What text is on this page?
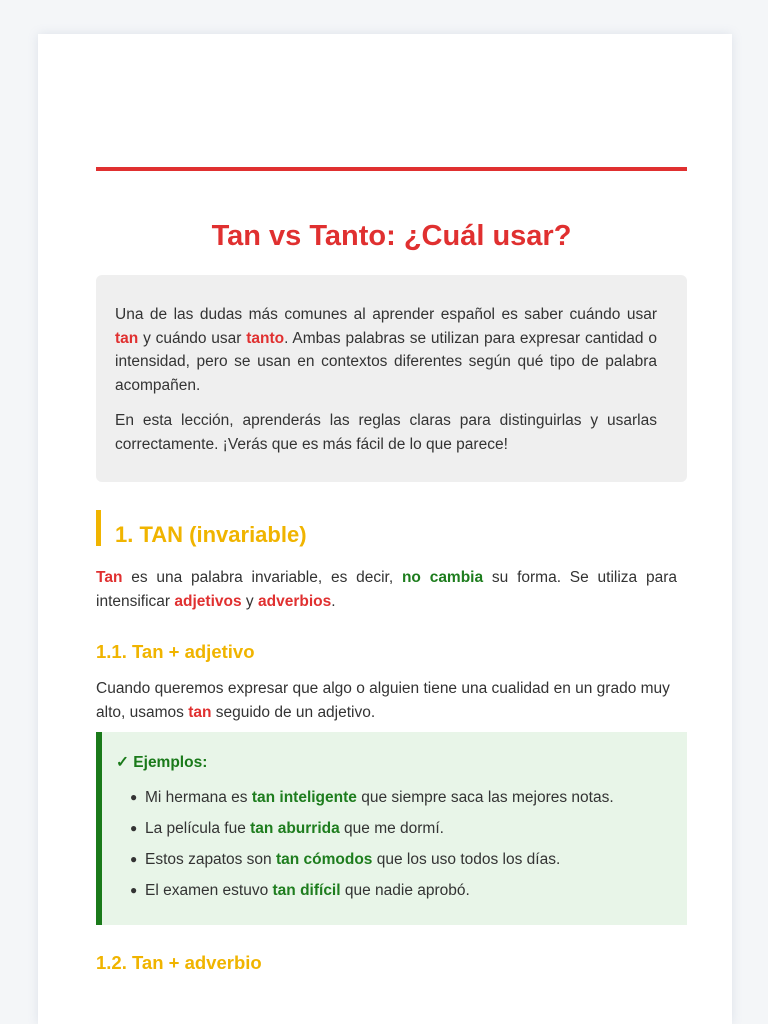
Tan vs Tanto: ¿Cuál usar?

Una de las dudas más comunes al aprender español es saber cuándo usar tan y cuándo usar tanto. Ambas palabras se utilizan para expresar cantidad o intensidad, pero se usan en contextos diferentes según qué tipo de palabra acompañen.

En esta lección, aprenderás las reglas claras para distinguirlas y usarlas correctamente. ¡Verás que es más fácil de lo que parece!

1. TAN (invariable)

Tan es una palabra invariable, es decir, no cambia su forma. Se utiliza para intensificar adjetivos y adverbios.

1.1. Tan + adjetivo

Cuando queremos expresar que algo o alguien tiene una cualidad en un grado muy alto, usamos tan seguido de un adjetivo.

✓ Ejemplos:
● Mi hermana es tan inteligente que siempre saca las mejores notas.
● La película fue tan aburrida que me dormí.
● Estos zapatos son tan cómodos que los uso todos los días.
● El examen estuvo tan difícil que nadie aprobó.
1.2. Tan + adverbio
